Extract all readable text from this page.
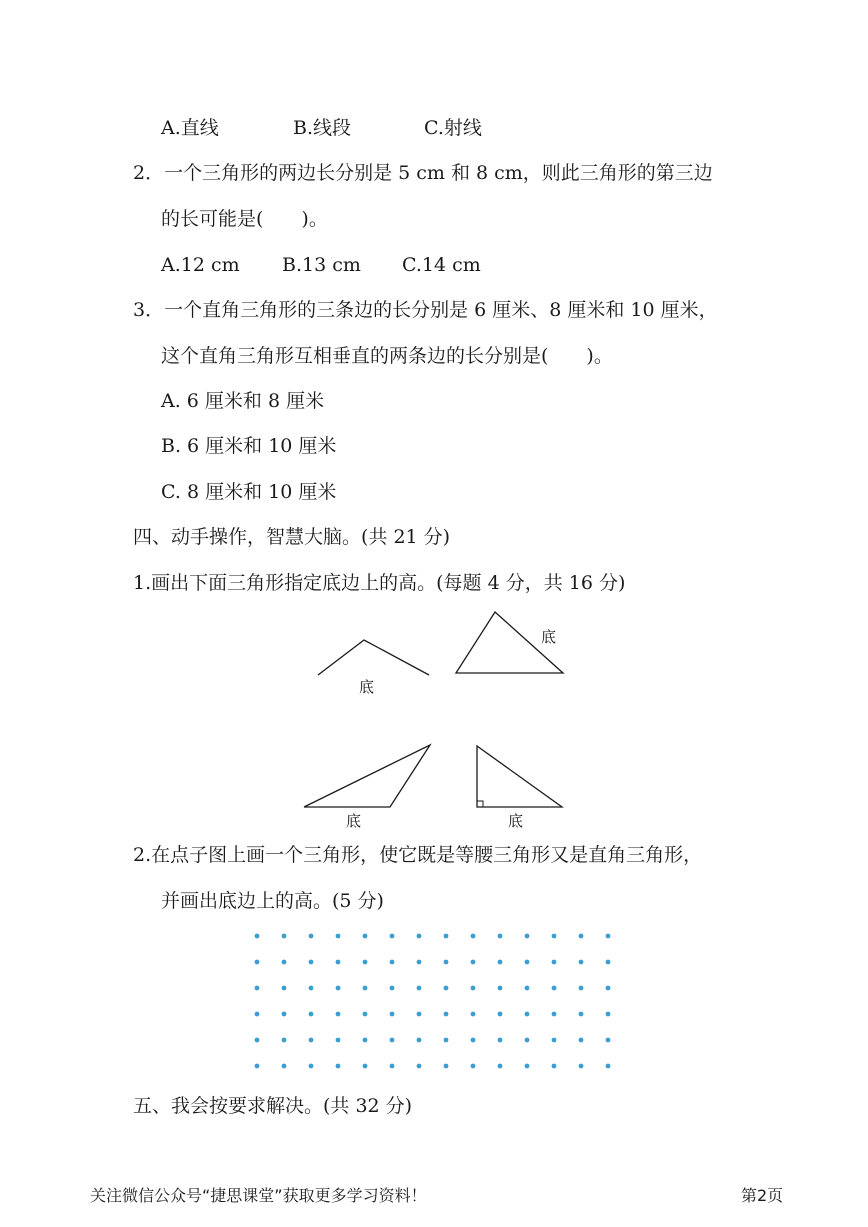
A.直线	B.线段	C.射线
2．一个三角形的两边长分别是 5 cm 和 8 cm，则此三角形的第三边
的长可能是(　　)。
A.12 cm B.13 cm C.14 cm
3．一个直角三角形的三条边的长分别是 6 厘米、8 厘米和 10 厘米，
这个直角三角形互相垂直的两条边的长分别是(　　)。
A. 6 厘米和 8 厘米
B. 6 厘米和 10 厘米
C. 8 厘米和 10 厘米
四、动手操作，智慧大脑。(共 21 分)
1.画出下面三角形指定底边上的高。(每题 4 分，共 16 分)
底
底
底	底
2.在点子图上画一个三角形，使它既是等腰三角形又是直角三角形，
并画出底边上的高。(5 分)
五、我会按要求解决。(共 32 分)
关注微信公众号“捷思课堂”获取更多学习资料！	第2页
